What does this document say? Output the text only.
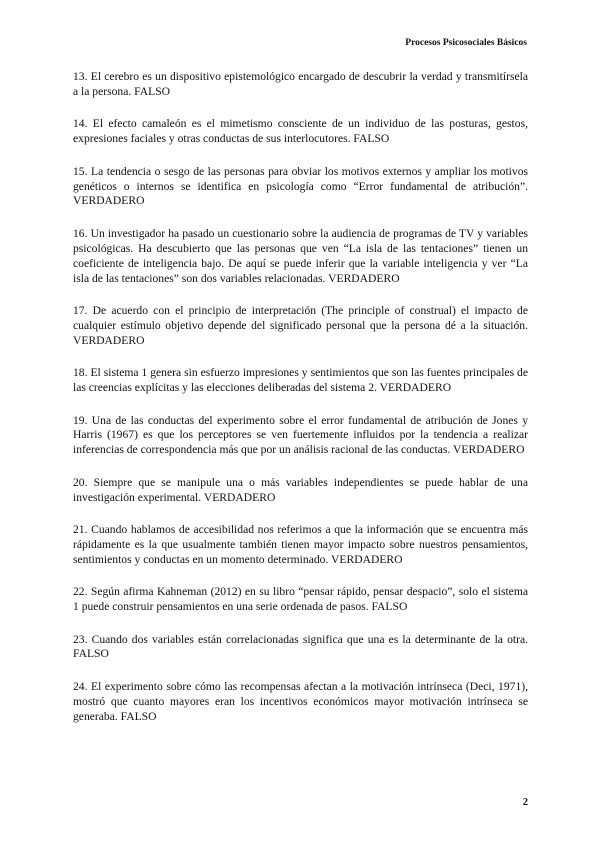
Procesos Psicosociales Básicos

13. El cerebro es un dispositivo epistemológico encargado de descubrir la verdad y transmitírsela a la persona. FALSO

14. El efecto camaleón es el mimetismo consciente de un individuo de las posturas, gestos, expresiones faciales y otras conductas de sus interlocutores. FALSO

15. La tendencia o sesgo de las personas para obviar los motivos externos y ampliar los motivos genéticos o internos se identifica en psicología como “Error fundamental de atribución”. VERDADERO

16. Un investigador ha pasado un cuestionario sobre la audiencia de programas de TV y variables psicológicas. Ha descubierto que las personas que ven “La isla de las tentaciones” tienen un coeficiente de inteligencia bajo. De aquí se puede inferir que la variable inteligencia y ver “La isla de las tentaciones” son dos variables relacionadas. VERDADERO

17. De acuerdo con el principio de interpretación (The principle of construal) el impacto de cualquier estímulo objetivo depende del significado personal que la persona dé a la situación. VERDADERO

18. El sistema 1 genera sin esfuerzo impresiones y sentimientos que son las fuentes principales de las creencias explícitas y las elecciones deliberadas del sistema 2. VERDADERO

19. Una de las conductas del experimento sobre el error fundamental de atribución de Jones y Harris (1967) es que los perceptores se ven fuertemente influidos por la tendencia a realizar inferencias de correspondencia más que por un análisis racional de las conductas. VERDADERO

20. Siempre que se manipule una o más variables independientes se puede hablar de una investigación experimental. VERDADERO

21. Cuando hablamos de accesibilidad nos referimos a que la información que se encuentra más rápidamente es la que usualmente también tienen mayor impacto sobre nuestros pensamientos, sentimientos y conductas en un momento determinado. VERDADERO

22. Según afirma Kahneman (2012) en su libro “pensar rápido, pensar despacio”, solo el sistema 1 puede construir pensamientos en una serie ordenada de pasos. FALSO

23. Cuando dos variables están correlacionadas significa que una es la determinante de la otra. FALSO

24. El experimento sobre cómo las recompensas afectan a la motivación intrínseca (Deci, 1971), mostró que cuanto mayores eran los incentivos económicos mayor motivación intrínseca se generaba. FALSO

2
